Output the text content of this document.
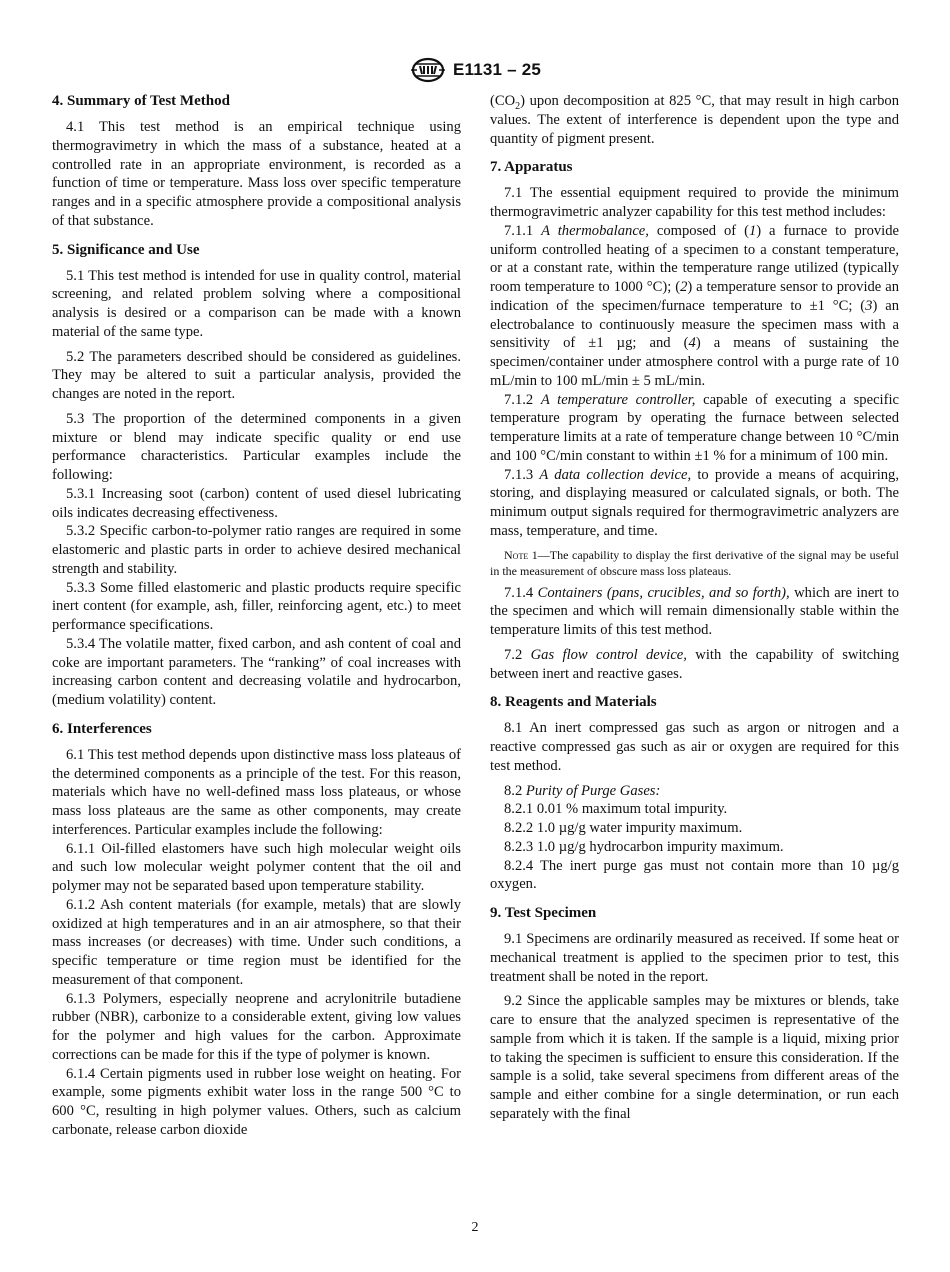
E1131 – 25
4. Summary of Test Method

4.1 This test method is an empirical technique using thermogravimetry in which the mass of a substance, heated at a controlled rate in an appropriate environment, is recorded as a function of time or temperature. Mass loss over specific temperature ranges and in a specific atmosphere provide a compositional analysis of that substance.

5. Significance and Use

5.1 This test method is intended for use in quality control, material screening, and related problem solving where a compositional analysis is desired or a comparison can be made with a known material of the same type.

5.2 The parameters described should be considered as guidelines. They may be altered to suit a particular analysis, provided the changes are noted in the report.

5.3 The proportion of the determined components in a given mixture or blend may indicate specific quality or end use performance characteristics. Particular examples include the following:

5.3.1 Increasing soot (carbon) content of used diesel lubricating oils indicates decreasing effectiveness.

5.3.2 Specific carbon-to-polymer ratio ranges are required in some elastomeric and plastic parts in order to achieve desired mechanical strength and stability.

5.3.3 Some filled elastomeric and plastic products require specific inert content (for example, ash, filler, reinforcing agent, etc.) to meet performance specifications.

5.3.4 The volatile matter, fixed carbon, and ash content of coal and coke are important parameters. The “ranking” of coal increases with increasing carbon content and decreasing volatile and hydrocarbon, (medium volatility) content.

6. Interferences

6.1 This test method depends upon distinctive mass loss plateaus of the determined components as a principle of the test. For this reason, materials which have no well-defined mass loss plateaus, or whose mass loss plateaus are the same as other components, may create interferences. Particular examples include the following:

6.1.1 Oil-filled elastomers have such high molecular weight oils and such low molecular weight polymer content that the oil and polymer may not be separated based upon temperature stability.

6.1.2 Ash content materials (for example, metals) that are slowly oxidized at high temperatures and in an air atmosphere, so that their mass increases (or decreases) with time. Under such conditions, a specific temperature or time region must be identified for the measurement of that component.

6.1.3 Polymers, especially neoprene and acrylonitrile butadiene rubber (NBR), carbonize to a considerable extent, giving low values for the polymer and high values for the carbon. Approximate corrections can be made for this if the type of polymer is known.

6.1.4 Certain pigments used in rubber lose weight on heating. For example, some pigments exhibit water loss in the range 500 °C to 600 °C, resulting in high polymer values. Others, such as calcium carbonate, release carbon dioxide

$(CO_2)$ upon decomposition at 825 °C, that may result in high carbon values. The extent of interference is dependent upon the type and quantity of pigment present.

7. Apparatus

7.1 The essential equipment required to provide the minimum thermogravimetric analyzer capability for this test method includes:

7.1.1 A thermobalance, composed of (1) a furnace to provide uniform controlled heating of a specimen to a constant temperature, or at a constant rate, within the temperature range utilized (typically room temperature to 1000 °C); (2) a temperature sensor to provide an indication of the specimen/furnace temperature to ±1 °C; (3) an electrobalance to continuously measure the specimen mass with a sensitivity of ±1 µg; and (4) a means of sustaining the specimen/container under atmosphere control with a purge rate of 10 mL/min to 100 mL/min ± 5 mL/min.

7.1.2 A temperature controller, capable of executing a specific temperature program by operating the furnace between selected temperature limits at a rate of temperature change between 10 °C/min and 100 °C/min constant to within ±1 % for a minimum of 100 min.

7.1.3 A data collection device, to provide a means of acquiring, storing, and displaying measured or calculated signals, or both. The minimum output signals required for thermogravimetric analyzers are mass, temperature, and time.

Note 1—The capability to display the first derivative of the signal may be useful in the measurement of obscure mass loss plateaus.

7.1.4 Containers (pans, crucibles, and so forth), which are inert to the specimen and which will remain dimensionally stable within the temperature limits of this test method.

7.2 Gas flow control device, with the capability of switching between inert and reactive gases.

8. Reagents and Materials

8.1 An inert compressed gas such as argon or nitrogen and a reactive compressed gas such as air or oxygen are required for this test method.

8.2 Purity of Purge Gases:

8.2.1 0.01 % maximum total impurity.

8.2.2 1.0 µg/g water impurity maximum.

8.2.3 1.0 µg/g hydrocarbon impurity maximum.

8.2.4 The inert purge gas must not contain more than 10 µg/g oxygen.

9. Test Specimen

9.1 Specimens are ordinarily measured as received. If some heat or mechanical treatment is applied to the specimen prior to test, this treatment shall be noted in the report.

9.2 Since the applicable samples may be mixtures or blends, take care to ensure that the analyzed specimen is representative of the sample from which it is taken. If the sample is a liquid, mixing prior to taking the specimen is sufficient to ensure this consideration. If the sample is a solid, take several specimens from different areas of the sample and either combine for a single determination, or run each separately with the final

2
